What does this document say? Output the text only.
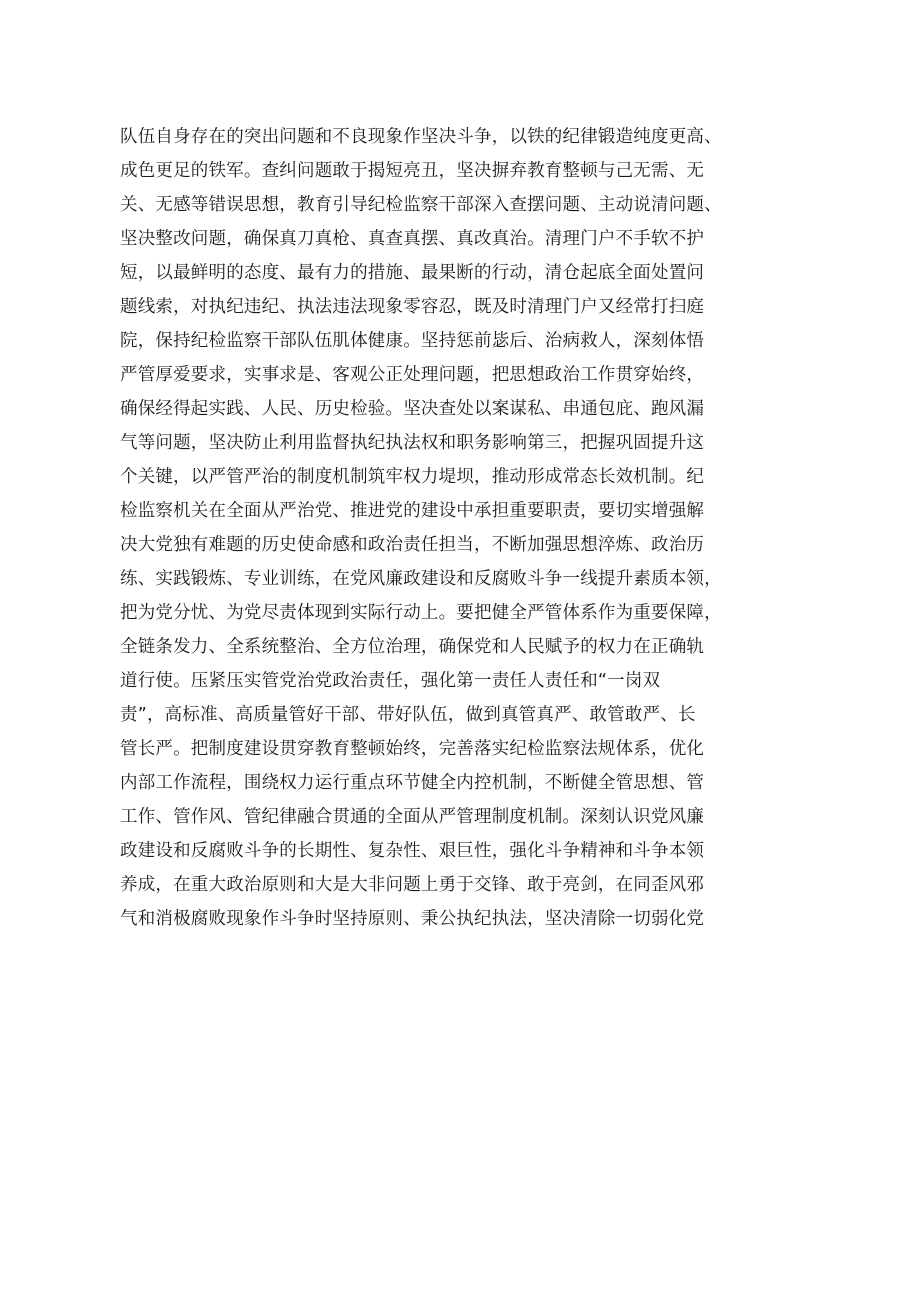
队伍自身存在的突出问题和不良现象作坚决斗争，以铁的纪律锻造纯度更高、
成色更足的铁军。查纠问题敢于揭短亮丑，坚决摒弃教育整顿与己无需、无
关、无感等错误思想，教育引导纪检监察干部深入查摆问题、主动说清问题、
坚决整改问题，确保真刀真枪、真查真摆、真改真治。清理门户不手软不护
短，以最鲜明的态度、最有力的措施、最果断的行动，清仓起底全面处置问
题线索，对执纪违纪、执法违法现象零容忍，既及时清理门户又经常打扫庭
院，保持纪检监察干部队伍肌体健康。坚持惩前毖后、治病救人，深刻体悟
严管厚爱要求，实事求是、客观公正处理问题，把思想政治工作贯穿始终，
确保经得起实践、人民、历史检验。坚决查处以案谋私、串通包庇、跑风漏
气等问题，坚决防止利用监督执纪执法权和职务影响第三，把握巩固提升这
个关键，以严管严治的制度机制筑牢权力堤坝，推动形成常态长效机制。纪
检监察机关在全面从严治党、推进党的建设中承担重要职责，要切实增强解
决大党独有难题的历史使命感和政治责任担当，不断加强思想淬炼、政治历
练、实践锻炼、专业训练，在党风廉政建设和反腐败斗争一线提升素质本领，
把为党分忧、为党尽责体现到实际行动上。要把健全严管体系作为重要保障，
全链条发力、全系统整治、全方位治理，确保党和人民赋予的权力在正确轨
道行使。压紧压实管党治党政治责任，强化第一责任人责任和“一岗双
责”，高标准、高质量管好干部、带好队伍，做到真管真严、敢管敢严、长
管长严。把制度建设贯穿教育整顿始终，完善落实纪检监察法规体系，优化
内部工作流程，围绕权力运行重点环节健全内控机制，不断健全管思想、管
工作、管作风、管纪律融合贯通的全面从严管理制度机制。深刻认识党风廉
政建设和反腐败斗争的长期性、复杂性、艰巨性，强化斗争精神和斗争本领
养成，在重大政治原则和大是大非问题上勇于交锋、敢于亮剑，在同歪风邪
气和消极腐败现象作斗争时坚持原则、秉公执纪执法，坚决清除一切弱化党
